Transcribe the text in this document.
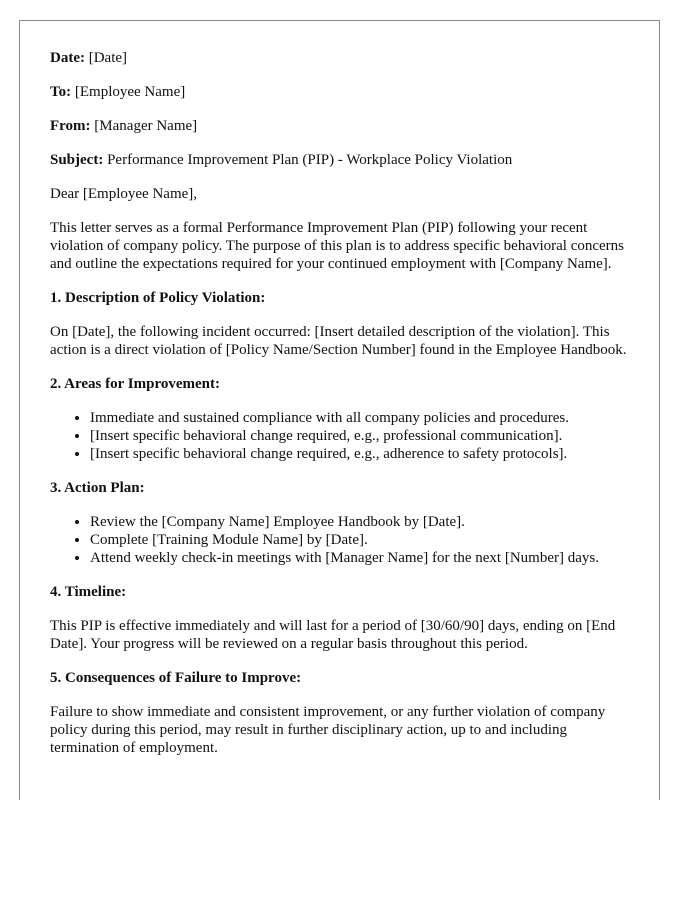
Date: [Date]

To: [Employee Name]

From: [Manager Name]

Subject: Performance Improvement Plan (PIP) - Workplace Policy Violation

Dear [Employee Name],

This letter serves as a formal Performance Improvement Plan (PIP) following your recent violation of company policy. The purpose of this plan is to address specific behavioral concerns and outline the expectations required for your continued employment with [Company Name].

1. Description of Policy Violation:

On [Date], the following incident occurred: [Insert detailed description of the violation]. This action is a direct violation of [Policy Name/Section Number] found in the Employee Handbook.

2. Areas for Improvement:
• Immediate and sustained compliance with all company policies and procedures.
• [Insert specific behavioral change required, e.g., professional communication].
• [Insert specific behavioral change required, e.g., adherence to safety protocols].
3. Action Plan:
• Review the [Company Name] Employee Handbook by [Date].
• Complete [Training Module Name] by [Date].
• Attend weekly check-in meetings with [Manager Name] for the next [Number] days.
4. Timeline:

This PIP is effective immediately and will last for a period of [30/60/90] days, ending on [End Date]. Your progress will be reviewed on a regular basis throughout this period.

5. Consequences of Failure to Improve:

Failure to show immediate and consistent improvement, or any further violation of company policy during this period, may result in further disciplinary action, up to and including termination of employment.
